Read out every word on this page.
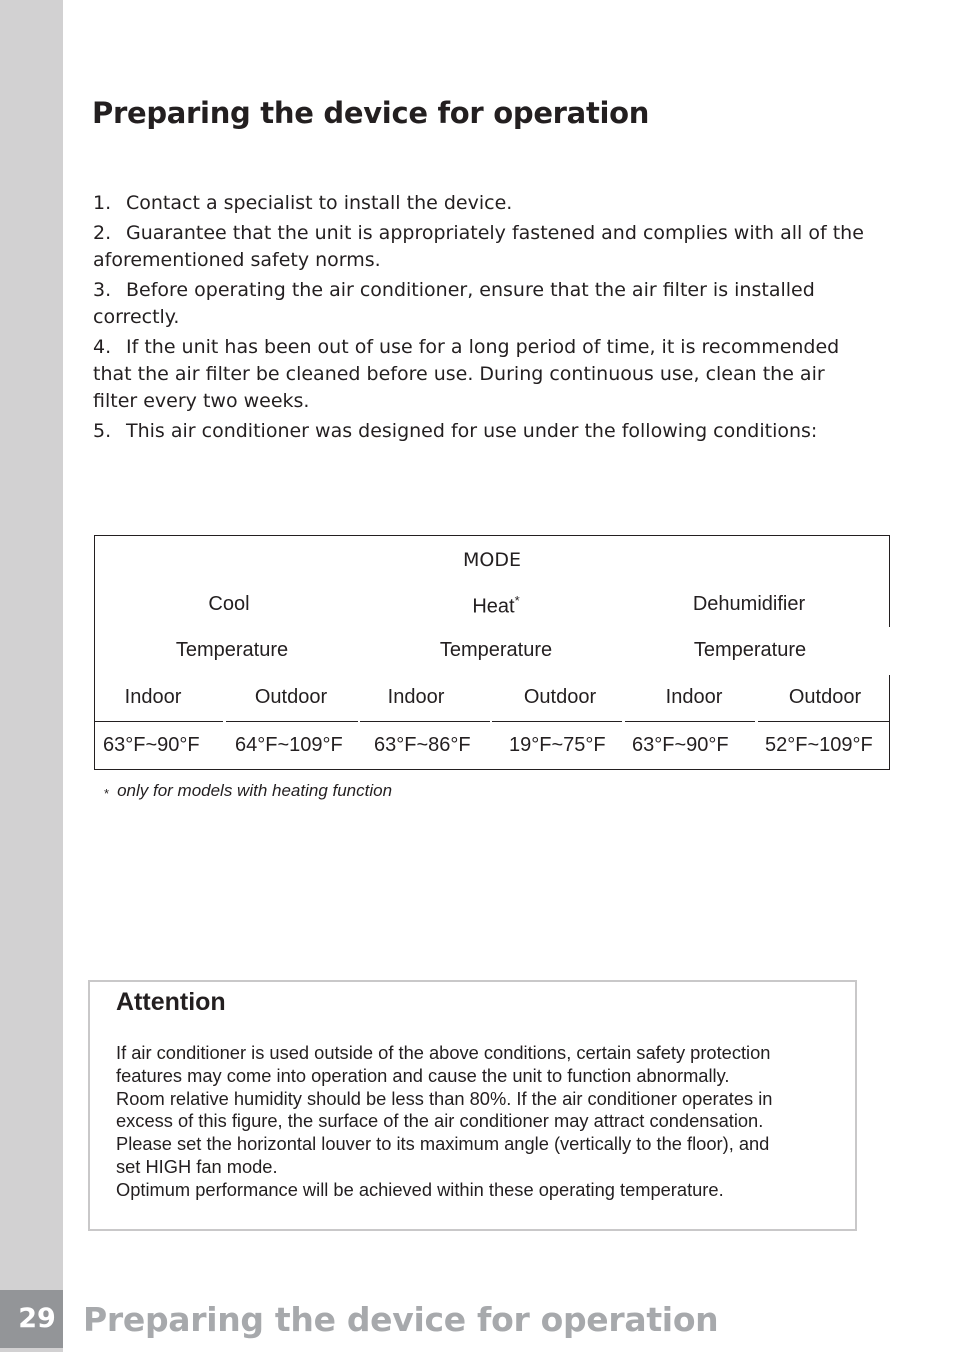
Preparing the device for operation
1. Contact a specialist to install the device.
2. Guarantee that the unit is appropriately fastened and complies with all of the aforementioned safety norms.
3. Before operating the air conditioner, ensure that the air filter is installed correctly.
4. If the unit has been out of use for a long period of time, it is recommended that the air filter be cleaned before use. During continuous use, clean the air filter every two weeks.
5. This air conditioner was designed for use under the following conditions:
MODE
Cool	Heat*	Dehumidifier
Temperature	Temperature	Temperature
Indoor	Outdoor	Indoor	Outdoor	Indoor	Outdoor
63°F~90°F 64°F~109°F 63°F~86°F 19°F~75°F 63°F~90°F 52°F~109°F
* only for models with heating function
Attention

If air conditioner is used outside of the above conditions, certain safety protection

features may come into operation and cause the unit to function abnormally.

Room relative humidity should be less than 80%. If the air conditioner operates in

excess of this figure, the surface of the air conditioner may attract condensation.

Please set the horizontal louver to its maximum angle (vertically to the floor), and

set HIGH fan mode.

Optimum performance will be achieved within these operating temperature.

29 Preparing the device for operation
